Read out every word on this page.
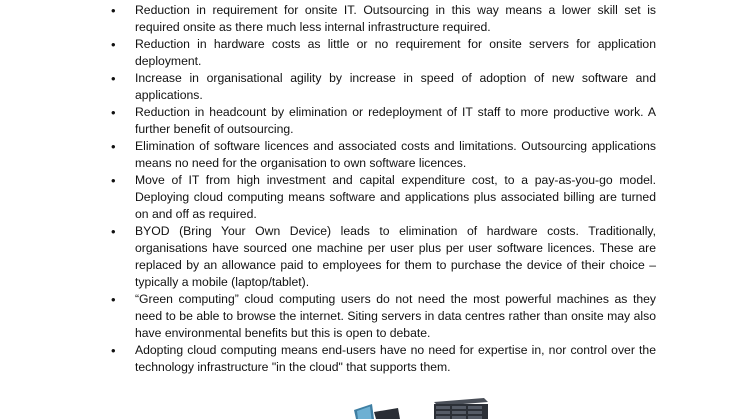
• Reduction in requirement for onsite IT. Outsourcing in this way means a lower skill set is required onsite as there much less internal infrastructure required.
• Reduction in hardware costs as little or no requirement for onsite servers for application deployment.
• Increase in organisational agility by increase in speed of adoption of new software and applications.
• Reduction in headcount by elimination or redeployment of IT staff to more productive work. A further benefit of outsourcing.
• Elimination of software licences and associated costs and limitations. Outsourcing applications means no need for the organisation to own software licences.
• Move of IT from high investment and capital expenditure cost, to a pay-as-you-go model. Deploying cloud computing means software and applications plus associated billing are turned on and off as required.
• BYOD (Bring Your Own Device) leads to elimination of hardware costs. Traditionally, organisations have sourced one machine per user plus per user software licences. These are replaced by an allowance paid to employees for them to purchase the device of their choice – typically a mobile (laptop/tablet).
• “Green computing” cloud computing users do not need the most powerful machines as they need to be able to browse the internet. Siting servers in data centres rather than onsite may also have environmental benefits but this is open to debate.
• Adopting cloud computing means end-users have no need for expertise in, nor control over the technology infrastructure "in the cloud" that supports them.
